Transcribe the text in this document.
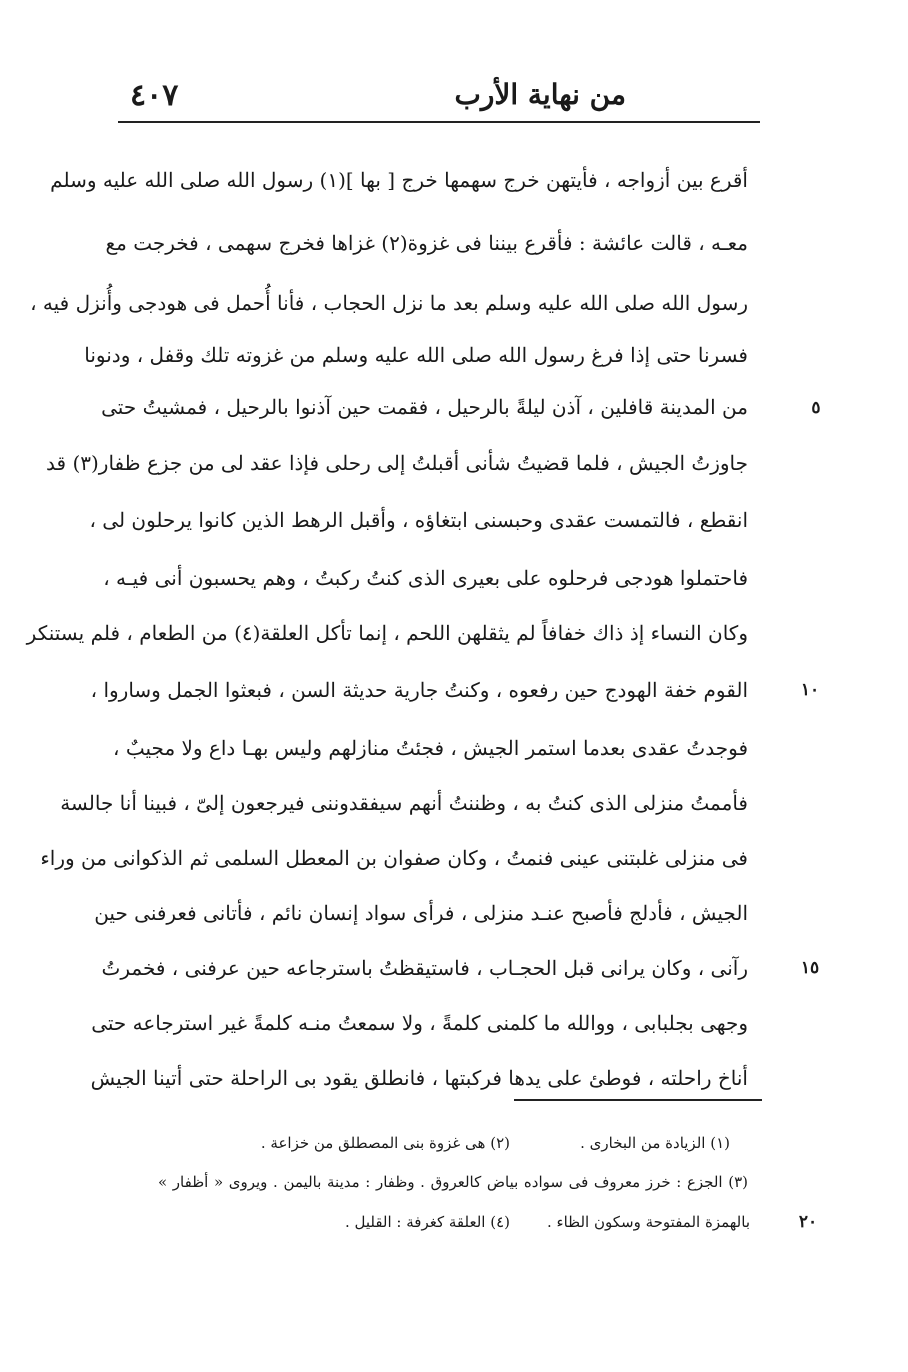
٤٠٧	من نهاية الأرب
أقرع بين أزواجه ، فأيتهن خرج سهمها خرج [ بها ](١) رسول الله صلى الله عليه وسلم
معـه ، قالت عائشة : فأقرع بيننا فى غزوة(٢) غزاها فخرج سهمى ، فخرجت مع
رسول الله صلى الله عليه وسلم بعد ما نزل الحجاب ، فأنا أُحمل فى هودجى وأُنزل فيه ،
فسرنا حتى إذا فرغ رسول الله صلى الله عليه وسلم من غزوته تلك وقفل ، ودنونا
من المدينة قافلين ، آذن ليلةً بالرحيل ، فقمت حين آذنوا بالرحيل ، فمشيتُ حتى
جاوزتُ الجيش ، فلما قضيتُ شأنى أقبلتُ إلى رحلى فإذا عقد لى من جزع ظفار(٣) قد
انقطع ، فالتمست عقدى وحبسنى ابتغاؤه ، وأقبل الرهط الذين كانوا يرحلون لى ،
فاحتملوا هودجى فرحلوه على بعيرى الذى كنتُ ركبتُ ، وهم يحسبون أنى فيـه ،
وكان النساء إذ ذاك خفافاً لم يثقلهن اللحم ، إنما تأكل العلقة(٤) من الطعام ، فلم يستنكر
القوم خفة الهودج حين رفعوه ، وكنتُ جارية حديثة السن ، فبعثوا الجمل وساروا ،
فوجدتُ عقدى بعدما استمر الجيش ، فجئتُ منازلهم وليس بهـا داع ولا مجيبٌ ،
فأممتُ منزلى الذى كنتُ به ، وظننتُ أنهم سيفقدوننى فيرجعون إلىّ ، فبينا أنا جالسة
فى منزلى غلبتنى عينى فنمتُ ، وكان صفوان بن المعطل السلمى ثم الذكوانى من وراء
الجيش ، فأدلج فأصبح عنـد منزلى ، فرأى سواد إنسان نائم ، فأتانى فعرفنى حين
رآنى ، وكان يرانى قبل الحجـاب ، فاستيقظتُ باسترجاعه حين عرفنى ، فخمرتُ
وجهى بجلبابى ، ووالله ما كلمنى كلمةً ، ولا سمعتُ منـه كلمةً غير استرجاعه حتى
أناخ راحلته ، فوطئ على يدها فركبتها ، فانطلق يقود بى الراحلة حتى أتينا الجيش
٥
١٠
١٥
٢٠
(١) الزيادة من البخارى .
(٢) هى غزوة بنى المصطلق من خزاعة .
(٣) الجزع : خرز معروف فى سواده بياض كالعروق . وظفار : مدينة باليمن . ويروى « أظفار »
بالهمزة المفتوحة وسكون الظاء .
(٤) العلقة كغرفة : القليل .
